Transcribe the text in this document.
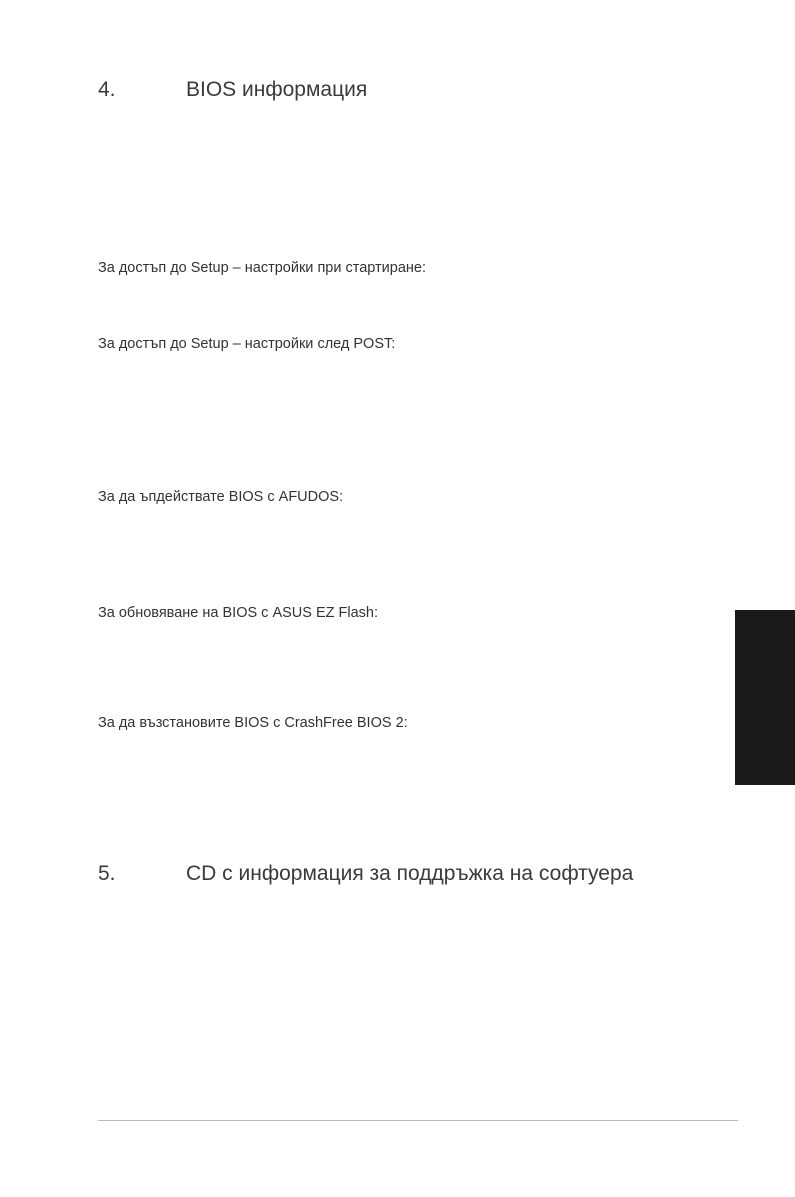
4.	BIOS информация
За достъп до Setup – настройки при стартиране:
За достъп до Setup – настройки след POST:
За да ъпдействате BIOS с AFUDOS:
За обновяване на BIOS с ASUS EZ Flash:
За да възстановите BIOS с CrashFree BIOS 2:
5.	CD с информация за поддръжка на софтуера
